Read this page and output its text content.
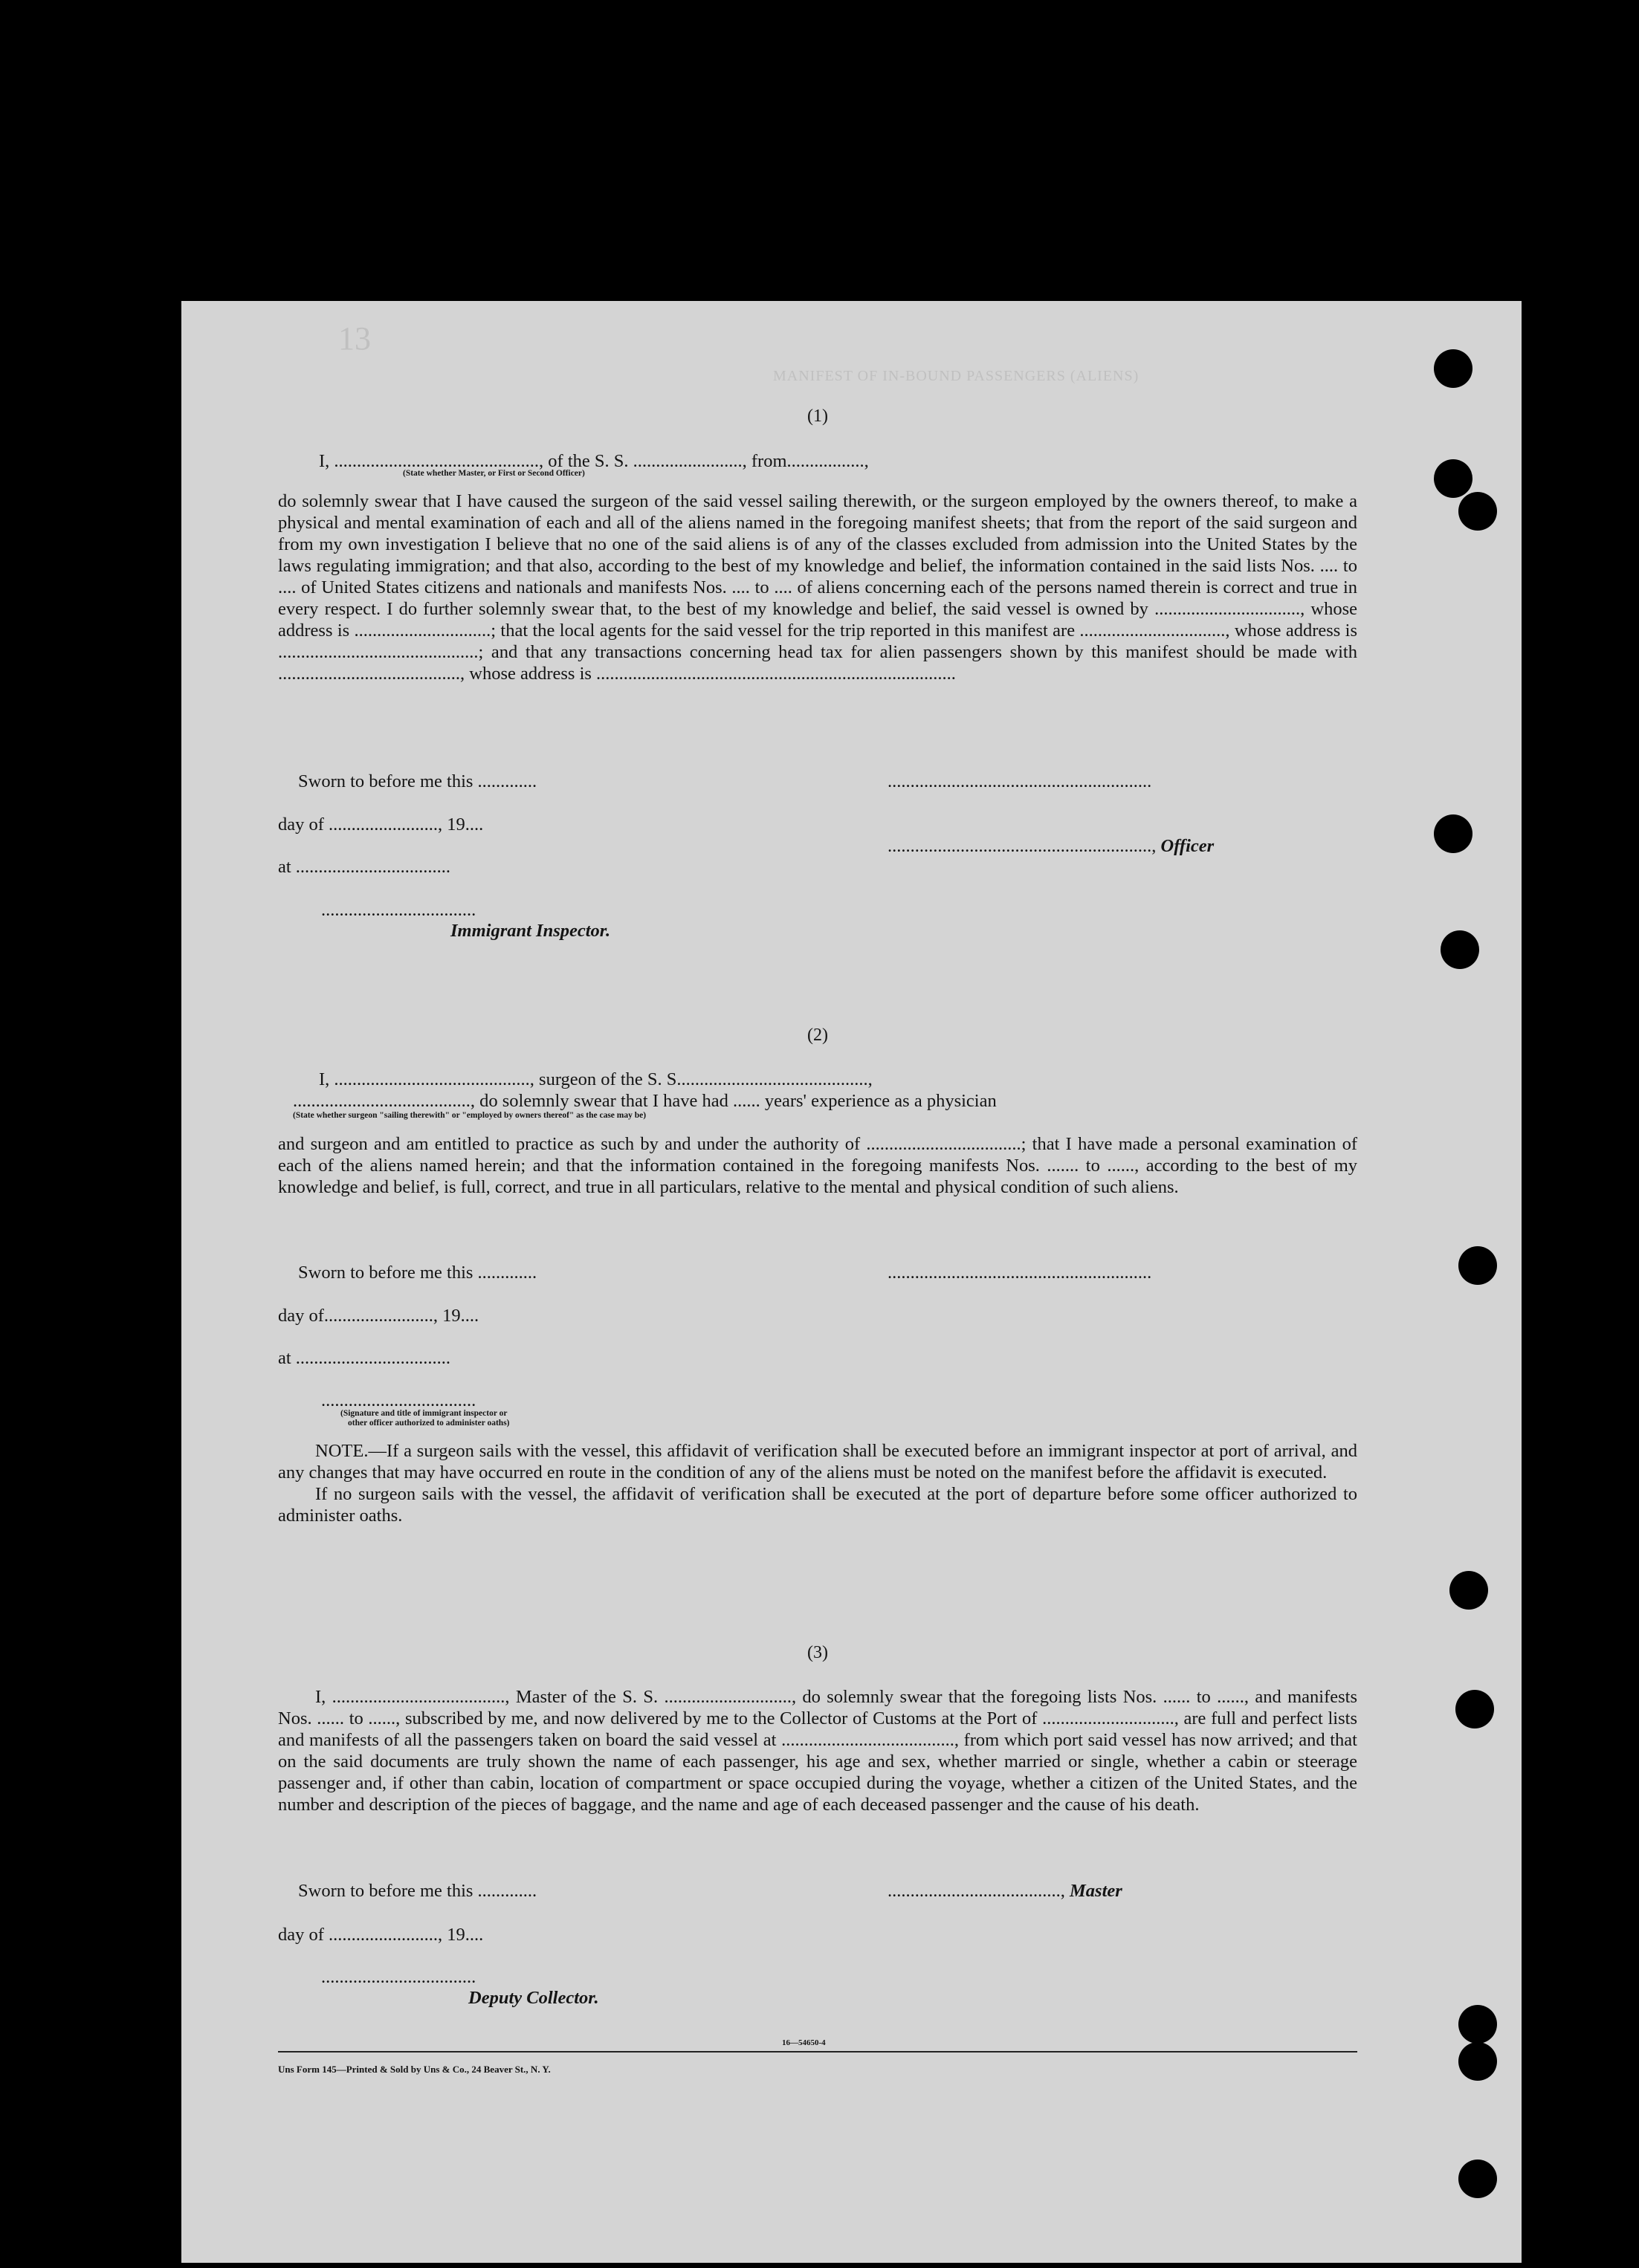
13
MANIFEST OF IN-BOUND PASSENGERS (ALIENS)
(1)
I, ............................................., of the S. S. ........................, from.................,
(State whether Master, or First or Second Officer)

do solemnly swear that I have caused the surgeon of the said vessel sailing therewith, or the surgeon employed by the owners thereof, to make a physical and mental examination of each and all of the aliens named in the foregoing manifest sheets; that from the report of the said surgeon and from my own investigation I believe that no one of the said aliens is of any of the classes excluded from admission into the United States by the laws regulating immigration; and that also, according to the best of my knowledge and belief, the information contained in the said lists Nos. .... to .... of United States citizens and nationals and manifests Nos. .... to .... of aliens concerning each of the persons named therein is correct and true in every respect. I do further solemnly swear that, to the best of my knowledge and belief, the said vessel is owned by ................................, whose address is ..............................; that the local agents for the said vessel for the trip reported in this manifest are ................................, whose address is ............................................; and that any transactions concerning head tax for alien passengers shown by this manifest should be made with ........................................, whose address is ...............................................................................

Sworn to before me this .............
day of ........................, 19....
at ..................................
..................................
Immigrant Inspector.
..........................................................
.........................................................., Officer
(2)
I, ..........................................., surgeon of the S. S..........................................,
......................................., do solemnly swear that I have had ...... years' experience as a physician
(State whether surgeon "sailing therewith" or "employed by owners thereof" as the case may be)

and surgeon and am entitled to practice as such by and under the authority of ..................................; that I have made a personal examination of each of the aliens named herein; and that the information contained in the foregoing manifests Nos. ....... to ......, according to the best of my knowledge and belief, is full, correct, and true in all particulars, relative to the mental and physical condition of such aliens.

Sworn to before me this .............	..........................................................
day of........................, 19....
at ..................................
..................................
(Signature and title of immigrant inspector or
other officer authorized to administer oaths)

NOTE.—If a surgeon sails with the vessel, this affidavit of verification shall be executed before an immigrant inspector at port of arrival, and any changes that may have occurred en route in the condition of any of the aliens must be noted on the manifest before the affidavit is executed.

If no surgeon sails with the vessel, the affidavit of verification shall be executed at the port of departure before some officer authorized to administer oaths.

(3)

I, ......................................, Master of the S. S. ............................, do solemnly swear that the foregoing lists Nos. ...... to ......, and manifests Nos. ...... to ......, subscribed by me, and now delivered by me to the Collector of Customs at the Port of ............................., are full and perfect lists and manifests of all the passengers taken on board the said vessel at ......................................, from which port said vessel has now arrived; and that on the said documents are truly shown the name of each passenger, his age and sex, whether married or single, whether a cabin or steerage passenger and, if other than cabin, location of compartment or space occupied during the voyage, whether a citizen of the United States, and the number and description of the pieces of baggage, and the name and age of each deceased passenger and the cause of his death.

Sworn to before me this .............	......................................, Master
day of ........................, 19....
..................................
Deputy Collector.
16—54650-4
Uns Form 145—Printed & Sold by Uns & Co., 24 Beaver St., N. Y.
